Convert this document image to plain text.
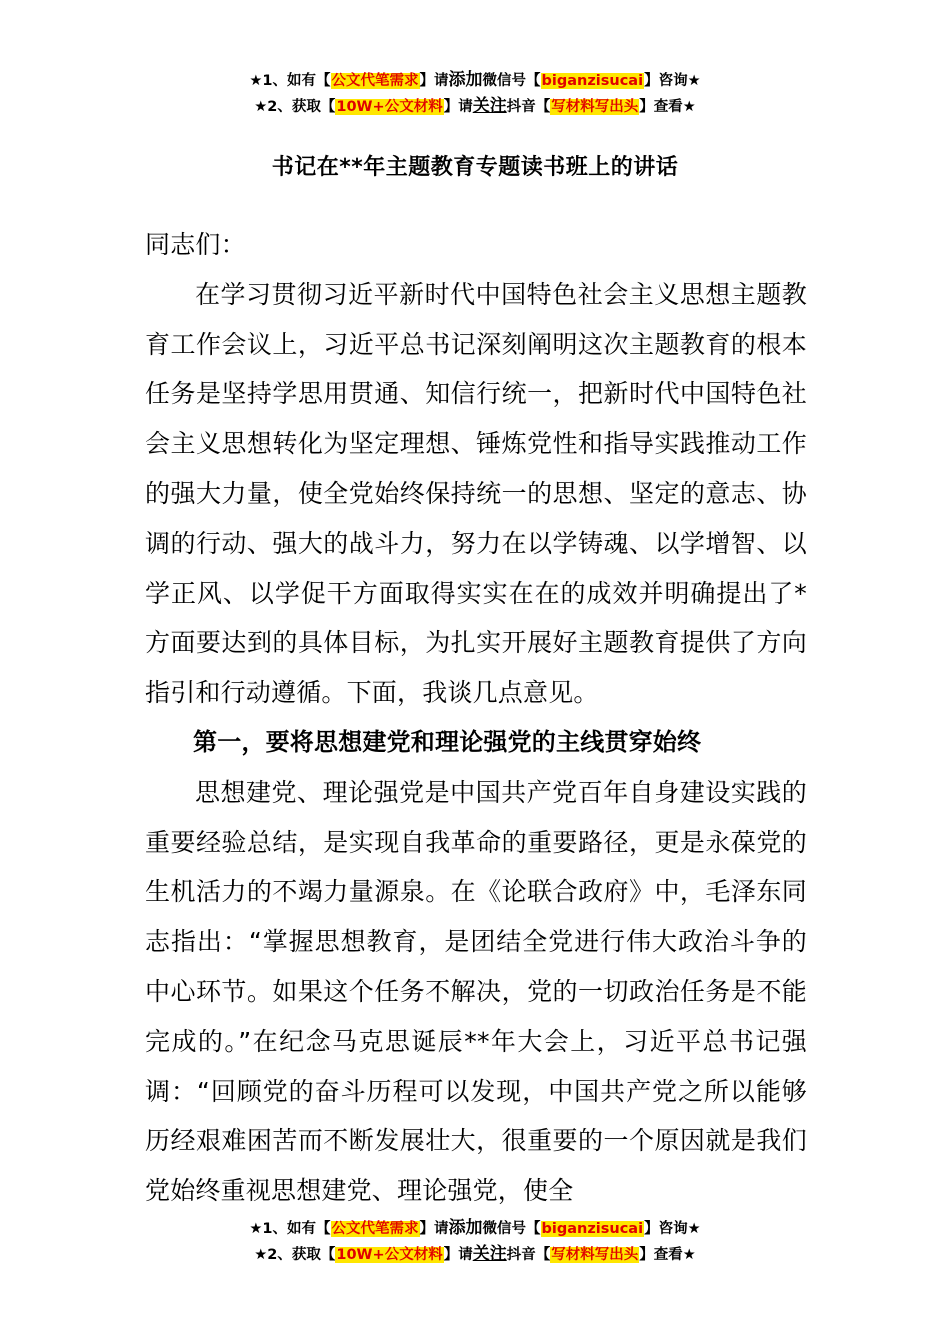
★1、如有【公文代笔需求】请添加微信号【biganzisucai】咨询★
★2、获取【10W+公文材料】请关注抖音【写材料写出头】查看★
书记在**年主题教育专题读书班上的讲话

同志们：

在学习贯彻习近平新时代中国特色社会主义思想主题教育工作会议上，习近平总书记深刻阐明这次主题教育的根本任务是坚持学思用贯通、知信行统一，把新时代中国特色社会主义思想转化为坚定理想、锤炼党性和指导实践推动工作的强大力量，使全党始终保持统一的思想、坚定的意志、协调的行动、强大的战斗力，努力在以学铸魂、以学增智、以学正风、以学促干方面取得实实在在的成效并明确提出了*方面要达到的具体目标，为扎实开展好主题教育提供了方向指引和行动遵循。下面，我谈几点意见。

第一，要将思想建党和理论强党的主线贯穿始终

思想建党、理论强党是中国共产党百年自身建设实践的重要经验总结，是实现自我革命的重要路径，更是永葆党的生机活力的不竭力量源泉。在《论联合政府》中，毛泽东同志指出：“掌握思想教育，是团结全党进行伟大政治斗争的中心环节。如果这个任务不解决，党的一切政治任务是不能完成的。”在纪念马克思诞辰**年大会上，习近平总书记强调：“回顾党的奋斗历程可以发现，中国共产党之所以能够历经艰难困苦而不断发展壮大，很重要的一个原因就是我们党始终重视思想建党、理论强党，使全

★1、如有【公文代笔需求】请添加微信号【biganzisucai】咨询★
★2、获取【10W+公文材料】请关注抖音【写材料写出头】查看★
